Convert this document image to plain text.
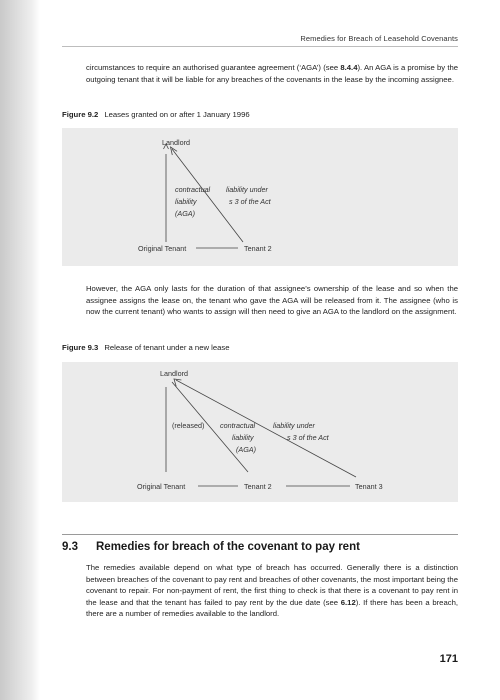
Remedies for Breach of Leasehold Covenants
circumstances to require an authorised guarantee agreement (‘AGA’) (see 8.4.4). An AGA is a promise by the outgoing tenant that it will be liable for any breaches of the covenants in the lease by the incoming assignee.
Figure 9.2 Leases granted on or after 1 January 1996
Landlord
contractual
liability
(AGA)
liability under
s 3 of the Act
Original Tenant	Tenant 2
However, the AGA only lasts for the duration of that assignee’s ownership of the lease and so when the assignee assigns the lease on, the tenant who gave the AGA will be released from it. The assignee (who is now the current tenant) who wants to assign will then need to give an AGA to the landlord on the assignment.
Figure 9.3 Release of tenant under a new lease
Landlord
(released) contractual
liability
(AGA)
liability under
s 3 of the Act
Original Tenant	Tenant 2	Tenant 3
9.3 Remedies for breach of the covenant to pay rent
The remedies available depend on what type of breach has occurred. Generally there is a distinction between breaches of the covenant to pay rent and breaches of other covenants, the most important being the covenant to repair. For non-payment of rent, the first thing to check is that there is a covenant to pay rent in the lease and that the tenant has failed to pay rent by the due date (see 6.12). If there has been a breach, there are a number of remedies available to the landlord.
171
